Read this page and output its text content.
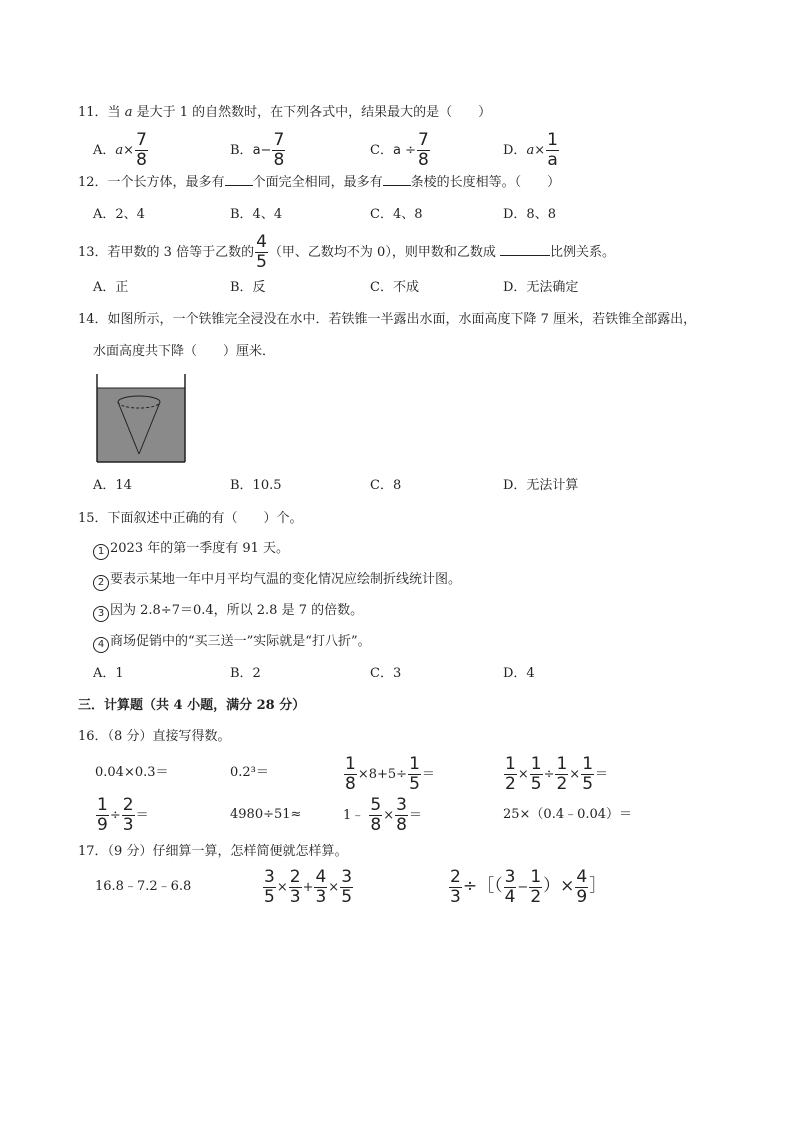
11．当 a 是大于 1 的自然数时，在下列各式中，结果最大的是（　　）
A．$a\times \frac{7}{8}$	B．$a- \frac{7}{8}$	C．$a \div \frac{7}{8}$	D．$a\times \frac{1}{a}$
12．一个长方体，最多有 个面完全相同，最多有 条棱的长度相等。（　　）
A．2、4	B．4、4	C．4、8	D．8、8
13．若甲数的 3 倍等于乙数的 $\frac{4}{5}$ （甲、乙数均不为 0），则甲数和乙数成	比例关系。
A．正	B．反	C．不成	D．无法确定
14．如图所示，一个铁锥完全浸没在水中．若铁锥一半露出水面，水面高度下降 7 厘米，若铁锥全部露出，
水面高度共下降（　　）厘米．
A．14	B．10.5	C．8	D．无法计算
15．下面叙述中正确的有（　　）个。
1 2023 年的第一季度有 91 天。
2 要表示某地一年中月平均气温的变化情况应绘制折线统计图。
3 因为 2.8÷7＝0.4，所以 2.8 是 7 的倍数。
4 商场促销中的“买三送一”实际就是“打八折”。
A．1	B．2	C．3	D．4
三．计算题（共 4 小题，满分 28 分）
16．（8 分）直接写得数。
0.04×0.3＝	0.2³＝	$\frac{1}{8} \times 8+5\div \frac{1}{5}$ ＝	$\frac{1}{2} \times \frac{1}{5} \div \frac{1}{2} \times \frac{1}{5}$ ＝
$\frac{1}{9} \div \frac{2}{3}$ ＝	4980÷51≈	1﹣ $\frac{5}{8} \times \frac{3}{8}$ ＝	25×（0.4﹣0.04）＝
17．（9 分）仔细算一算，怎样简便就怎样算。
16.8﹣7.2﹣6.8	$\frac{3}{5} \times \frac{2}{3} + \frac{4}{3} \times \frac{3}{5}$	$\frac{2}{3}$ ÷［（ $\frac{3}{4} - \frac{1}{2}$ ）× $\frac{4}{9}$ ］
